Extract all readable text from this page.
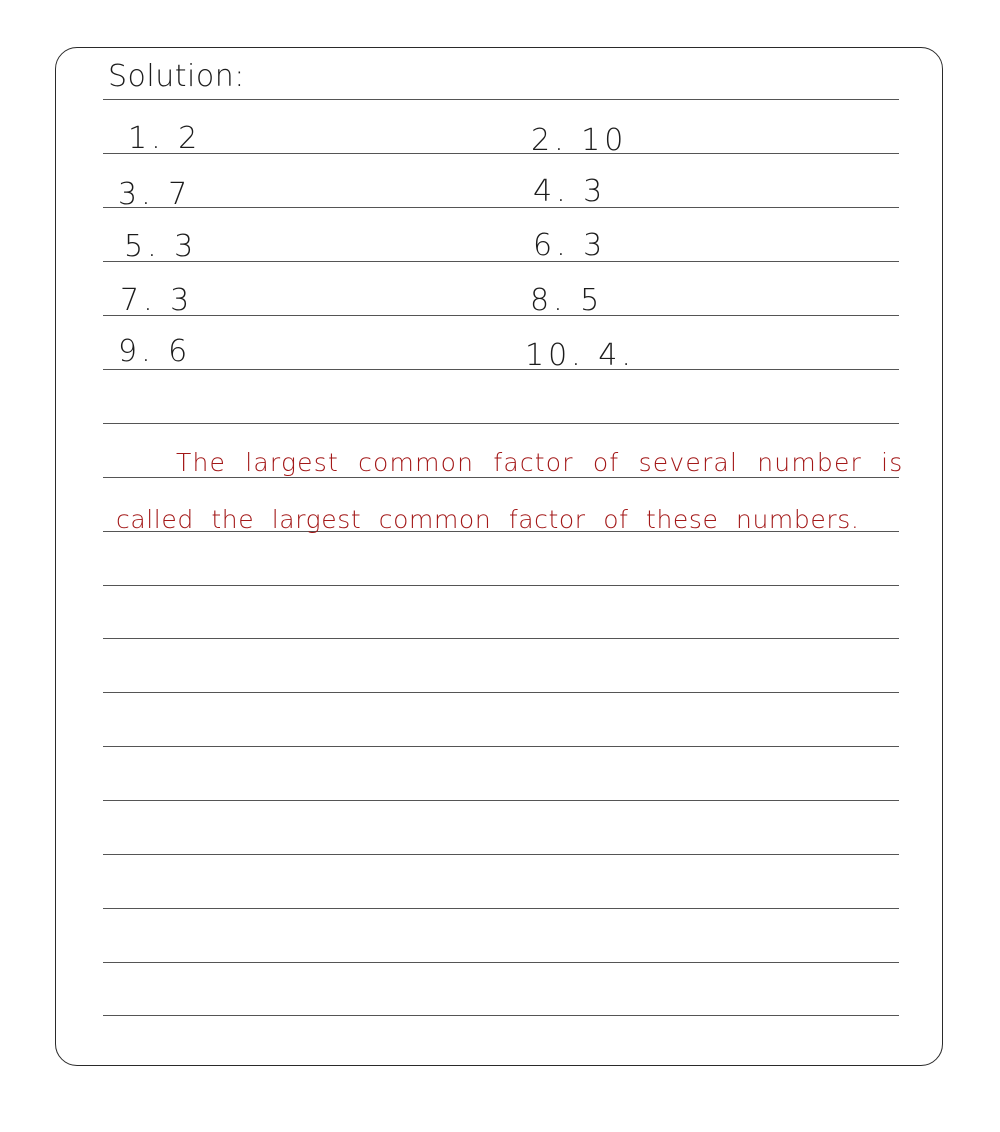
Solution:
1. 2
3. 7
5. 3
7. 3
9. 6
2. 10
4. 3
6. 3
8. 5
10. 4.
The largest common factor of several number is
called the largest common factor of these numbers.
